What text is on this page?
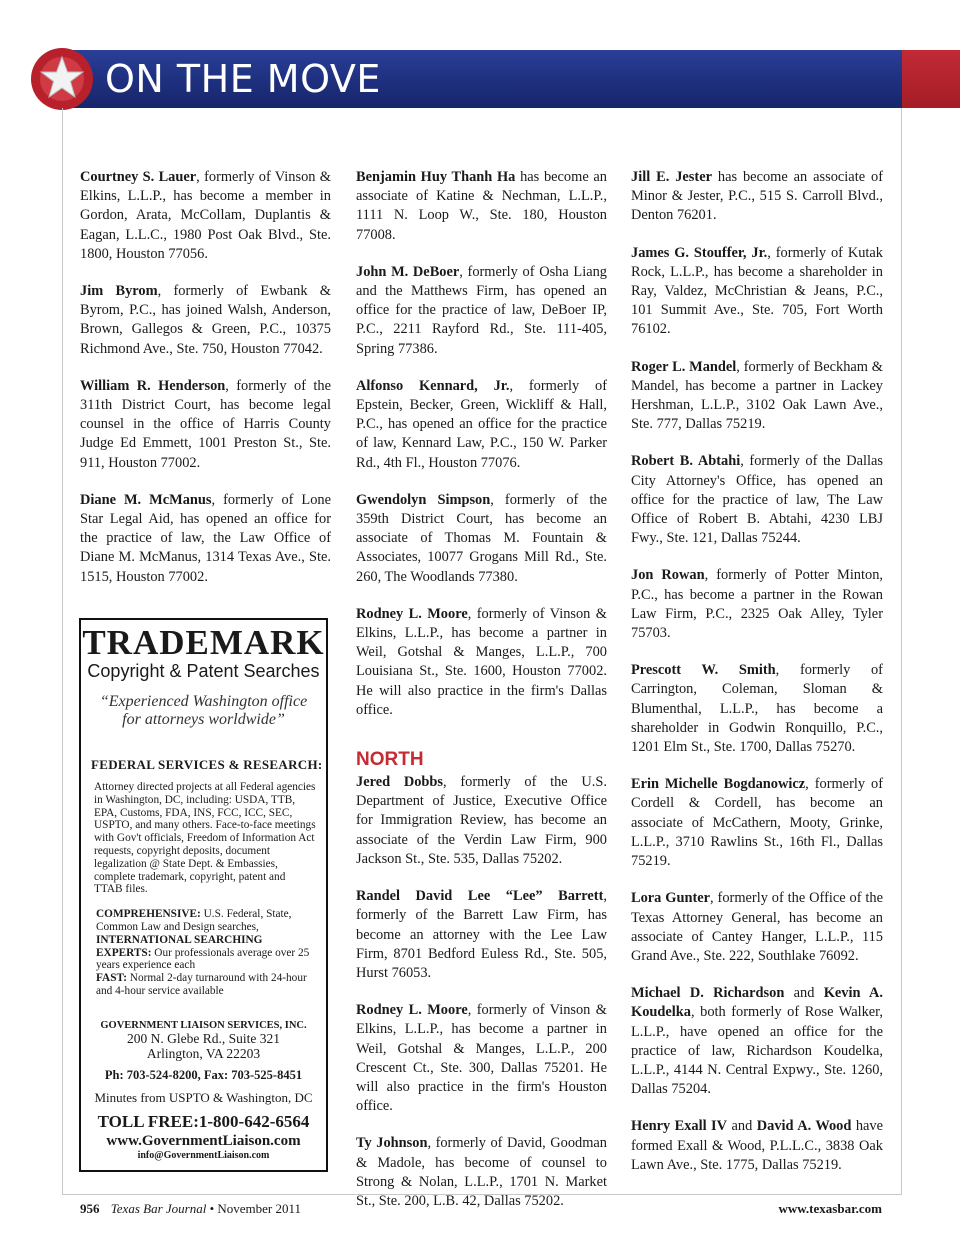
ON THE MOVE

Courtney S. Lauer, formerly of Vinson & Elkins, L.L.P., has become a member in Gordon, Arata, McCollam, Duplantis & Eagan, L.L.C., 1980 Post Oak Blvd., Ste. 1800, Houston 77056.

Jim Byrom, formerly of Ewbank & Byrom, P.C., has joined Walsh, Anderson, Brown, Gallegos & Green, P.C., 10375 Richmond Ave., Ste. 750, Houston 77042.

William R. Henderson, formerly of the 311th District Court, has become legal counsel in the office of Harris County Judge Ed Emmett, 1001 Preston St., Ste. 911, Houston 77002.

Diane M. McManus, formerly of Lone Star Legal Aid, has opened an office for the practice of law, the Law Office of Diane M. McManus, 1314 Texas Ave., Ste. 1515, Houston 77002.

TRADEMARK
Copyright & Patent Searches
“Experienced Washington office
for attorneys worldwide”
FEDERAL SERVICES & RESEARCH:
Attorney directed projects at all Federal agencies in Washington, DC, including: USDA, TTB, EPA, Customs, FDA, INS, FCC, ICC, SEC, USPTO, and many others. Face-to-face meetings with Gov't officials, Freedom of Information Act requests, copyright deposits, document legalization @ State Dept. & Embassies, complete trademark, copyright, patent and TTAB files.
COMPREHENSIVE: U.S. Federal, State, Common Law and Design searches,
INTERNATIONAL SEARCHING EXPERTS: Our professionals average over 25 years experience each
FAST: Normal 2-day turnaround with 24-hour and 4-hour service available
GOVERNMENT LIAISON SERVICES, INC.
200 N. Glebe Rd., Suite 321
Arlington, VA 22203
Ph: 703-524-8200, Fax: 703-525-8451
Minutes from USPTO & Washington, DC
TOLL FREE:1-800-642-6564
www.GovernmentLiaison.com
info@GovernmentLiaison.com

Benjamin Huy Thanh Ha has become an associate of Katine & Nechman, L.L.P., 1111 N. Loop W., Ste. 180, Houston 77008.

John M. DeBoer, formerly of Osha Liang and the Matthews Firm, has opened an office for the practice of law, DeBoer IP, P.C., 2211 Rayford Rd., Ste. 111-405, Spring 77386.

Alfonso Kennard, Jr., formerly of Epstein, Becker, Green, Wickliff & Hall, P.C., has opened an office for the practice of law, Kennard Law, P.C., 150 W. Parker Rd., 4th Fl., Houston 77076.

Gwendolyn Simpson, formerly of the 359th District Court, has become an associate of Thomas M. Fountain & Associates, 10077 Grogans Mill Rd., Ste. 260, The Woodlands 77380.

Rodney L. Moore, formerly of Vinson & Elkins, L.L.P., has become a partner in Weil, Gotshal & Manges, L.L.P., 700 Louisiana St., Ste. 1600, Houston 77002. He will also practice in the firm's Dallas office.

NORTH

Jered Dobbs, formerly of the U.S. Department of Justice, Executive Office for Immigration Review, has become an associate of the Verdin Law Firm, 900 Jackson St., Ste. 535, Dallas 75202.

Randel David Lee “Lee” Barrett, formerly of the Barrett Law Firm, has become an attorney with the Lee Law Firm, 8701 Bedford Euless Rd., Ste. 505, Hurst 76053.

Rodney L. Moore, formerly of Vinson & Elkins, L.L.P., has become a partner in Weil, Gotshal & Manges, L.L.P., 200 Crescent Ct., Ste. 300, Dallas 75201. He will also practice in the firm's Houston office.

Ty Johnson, formerly of David, Goodman & Madole, has become of counsel to Strong & Nolan, L.L.P., 1701 N. Market St., Ste. 200, L.B. 42, Dallas 75202.

Jill E. Jester has become an associate of Minor & Jester, P.C., 515 S. Carroll Blvd., Denton 76201.

James G. Stouffer, Jr., formerly of Kutak Rock, L.L.P., has become a shareholder in Ray, Valdez, McChristian & Jeans, P.C., 101 Summit Ave., Ste. 705, Fort Worth 76102.

Roger L. Mandel, formerly of Beckham & Mandel, has become a partner in Lackey Hershman, L.L.P., 3102 Oak Lawn Ave., Ste. 777, Dallas 75219.

Robert B. Abtahi, formerly of the Dallas City Attorney's Office, has opened an office for the practice of law, The Law Office of Robert B. Abtahi, 4230 LBJ Fwy., Ste. 121, Dallas 75244.

Jon Rowan, formerly of Potter Minton, P.C., has become a partner in the Rowan Law Firm, P.C., 2325 Oak Alley, Tyler 75703.

Prescott W. Smith, formerly of Carrington, Coleman, Sloman & Blumenthal, L.L.P., has become a shareholder in Godwin Ronquillo, P.C., 1201 Elm St., Ste. 1700, Dallas 75270.

Erin Michelle Bogdanowicz, formerly of Cordell & Cordell, has become an associate of McCathern, Mooty, Grinke, L.L.P., 3710 Rawlins St., 16th Fl., Dallas 75219.

Lora Gunter, formerly of the Office of the Texas Attorney General, has become an associate of Cantey Hanger, L.L.P., 115 Grand Ave., Ste. 222, Southlake 76092.

Michael D. Richardson and Kevin A. Koudelka, both formerly of Rose Walker, L.L.P., have opened an office for the practice of law, Richardson Koudelka, L.L.P., 4144 N. Central Expwy., Ste. 1260, Dallas 75204.

Henry Exall IV and David A. Wood have formed Exall & Wood, P.L.L.C., 3838 Oak Lawn Ave., Ste. 1775, Dallas 75219.

956 Texas Bar Journal • November 2011	www.texasbar.com
